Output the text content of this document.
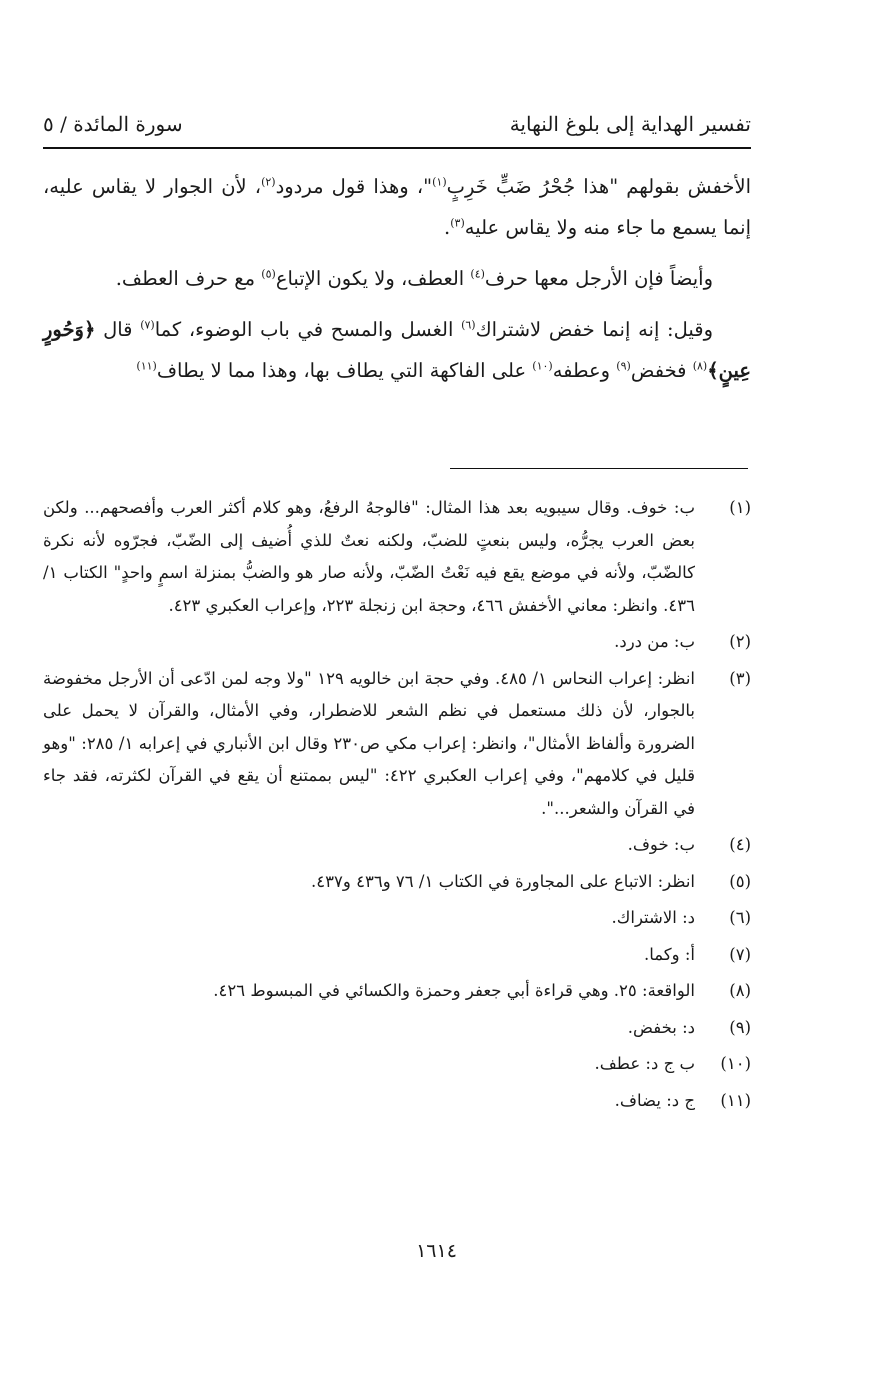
تفسير الهداية إلى بلوغ النهاية
سورة المائدة / ٥

الأخفش بقولهم "هذا جُحْرُ ضَبٍّ خَرِبٍ$^{(١)}$"، وهذا قول مردود$^{(٢)}$، لأن الجوار لا يقاس عليه، إنما يسمع ما جاء منه ولا يقاس عليه$^{(٣)}$.

وأيضاً فإن الأرجل معها حرف$^{(٤)}$ العطف، ولا يكون الإتباع$^{(٥)}$ مع حرف العطف.

وقيل: إنه إنما خفض لاشتراك$^{(٦)}$ الغسل والمسح في باب الوضوء، كما$^{(٧)}$ قال ﴿وَحُورٍ عِينٍ﴾$^{(٨)}$ فخفض$^{(٩)}$ وعطفه$^{(١٠)}$ على الفاكهة التي يطاف بها، وهذا مما لا يطاف$^{(١١)}$

(١)
ب: خوف. وقال سيبويه بعد هذا المثال: "فالوجهُ الرفعُ، وهو كلام أكثر العرب وأفصحهم... ولكن بعض العرب يجرُّه، وليس بنعتٍ للضبّ، ولكنه نعتٌ للذي أُضيف إلى الضّبّ، فجرّوه لأنه نكرة كالضّبّ، ولأنه في موضع يقع فيه نَعْتُ الضّبّ، ولأنه صار هو والضبُّ بمنزلة اسمٍ واحدٍ" الكتاب ١/ ٤٣٦. وانظر: معاني الأخفش ٤٦٦، وحجة ابن زنجلة ٢٢٣، وإعراب العكبري ٤٢٣.
(٢)
ب: من درد.
(٣)
انظر: إعراب النحاس ١/ ٤٨٥. وفي حجة ابن خالويه ١٢٩ "ولا وجه لمن ادّعى أن الأرجل مخفوضة بالجوار، لأن ذلك مستعمل في نظم الشعر للاضطرار، وفي الأمثال، والقرآن لا يحمل على الضرورة وألفاظ الأمثال"، وانظر: إعراب مكي ص٢٣٠ وقال ابن الأنباري في إعرابه ١/ ٢٨٥: "وهو قليل في كلامهم"، وفي إعراب العكبري ٤٢٢: "ليس بممتنع أن يقع في القرآن لكثرته، فقد جاء في القرآن والشعر...".
(٤)
ب: خوف.
(٥)
انظر: الاتباع على المجاورة في الكتاب ١/ ٧٦ و٤٣٦ و٤٣٧.
(٦)
د: الاشتراك.
(٧)
أ: وكما.
(٨)
الواقعة: ٢٥. وهي قراءة أبي جعفر وحمزة والكسائي في المبسوط ٤٢٦.
(٩)
د: بخفض.
(١٠)
ب ج د: عطف.
(١١)
ج د: يضاف.
١٦١٤
